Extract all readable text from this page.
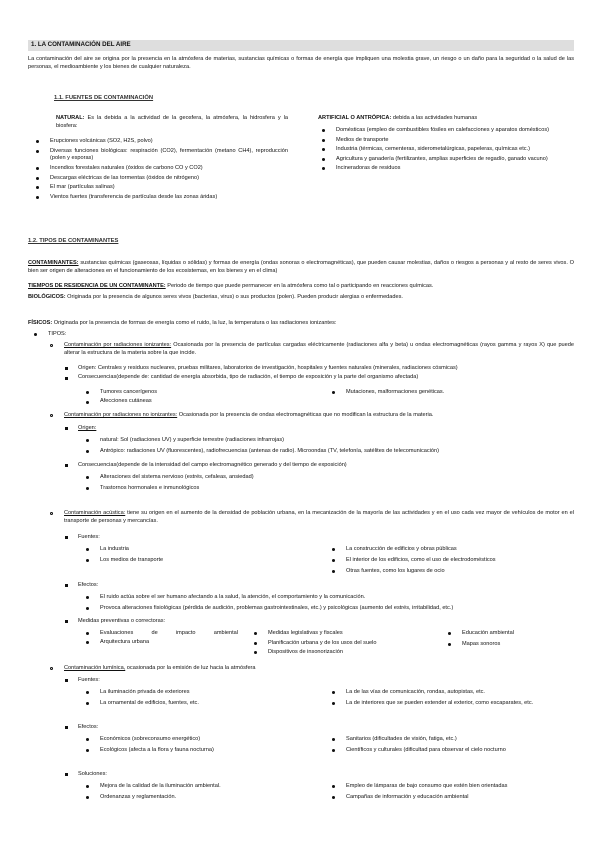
1. LA CONTAMINACIÓN DEL AIRE
La contaminación del aire se origina por la presencia en la atmósfera de materias, sustancias químicas o formas de energía que impliquen una molestia grave, un riesgo o un daño para la seguridad o la salud de las personas, el medioambiente y los bienes de cualquier naturaleza.
1.1. FUENTES DE CONTAMINACIÓN
NATURAL: Es la debida a la actividad de la geosfera, la atmósfera, la hidrosfera y la biosfera:
Erupciones volcánicas (SO2, H2S, polvo)
Diversas funciones biológicas: respiración (CO2), fermentación (metano CH4), reproducción (polen y esporas)
Incendios forestales naturales (óxidos de carbono CO y CO2)
Descargas eléctricas de las tormentas (óxidos de nitrógeno)
El mar (partículas salinas)
Vientos fuertes (transferencia de partículas desde las zonas áridas)
ARTIFICIAL O ANTRÓPICA: debida a las actividades humanas
Domésticas (empleo de combustibles fósiles en calefacciones y aparatos domésticos)
Medios de transporte
Industria (térmicas, cementeras, siderometalúrgicas, papeleras, químicas etc.)
Agricultura y ganadería (fertilizantes, amplias superficies de regadío, ganado vacuno)
Incineradoras de residuos
1.2. TIPOS DE CONTAMINANTES
CONTAMINANTES: sustancias químicas (gaseosas, líquidas o sólidas) y formas de energía (ondas sonoras o electromagnéticas), que pueden causar molestias, daños o riesgos a personas y al resto de seres vivos. O bien ser origen de alteraciones en el funcionamiento de los ecosistemas, en los bienes y en el clima)
TIEMPOS DE RESIDENCIA DE UN CONTAMINANTE: Periodo de tiempo que puede permanecer en la atmósfera como tal o participando en reacciones químicas.
BIOLÓGICOS: Originada por la presencia de algunos seres vivos (bacterias, virus) o sus productos (polen). Pueden producir alergias o enfermedades.
FÍSICOS: Originada por la presencia de formas de energía como el ruido, la luz, la temperatura o las radiaciones ionizantes:
TIPOS:
Contaminación por radiaciones ionizantes: Ocasionada por la presencia de partículas cargadas eléctricamente (radiaciones alfa y beta) u ondas electromagnéticas (rayos gamma y rayos X) que puede alterar la estructura de la materia sobre la que incide.
Origen: Centrales y residuos nucleares, pruebas militares, laboratorios de investigación, hospitales y fuentes naturales (minerales, radiaciones cósmicas)
Consecuencias(depende de: cantidad de energía absorbida, tipo de radiación, el tiempo de exposición y la parte del organismo afectada)
Tumores cancerígenos
Afecciones cutáneas
Mutaciones, malformaciones genéticas.
Contaminación por radiaciones no ionizantes: Ocasionada por la presencia de ondas electromagnéticas que no modifican la estructura de la materia.
Origen:
natural: Sol (radiaciones UV) y superficie terrestre (radiaciones infrarrojas)
Antrópico: radiaciones UV (fluorescentes), radiofrecuencias (antenas de radio). Microondas (TV, telefonía, satélites de telecomunicación)
Consecuencias(depende de la intensidad del campo electromagnético generado y del tiempo de exposición)
Alteraciones del sistema nervioso (estrés, cefaleas, ansiedad)
Trastornos hormonales e inmunológicos
Contaminación acústica: tiene su origen en el aumento de la densidad de población urbana, en la mecanización de la mayoría de las actividades y en el uso cada vez mayor de vehículos de motor en el transporte de personas y mercancías.
Fuentes:
La industria
Los medios de transporte
La construcción de edificios y obras públicas
El interior de los edificios, como el uso de electrodomésticos
Otras fuentes, como los lugares de ocio
Efectos:
El ruido actúa sobre el ser humano afectando a la salud, la atención, el comportamiento y la comunicación.
Provoca alteraciones fisiológicas (pérdida de audición, problemas gastrointestinales, etc.) y psicológicas (aumento del estrés, irritabilidad, etc.)
Medidas preventivas o correctoras:
Evaluaciones de impacto ambiental
Arquitectura urbana
Medidas legislativas y fiscales
Planificación urbana y de los usos del suelo
Dispositivos de insonorización
Educación ambiental
Mapas sonoros
Contaminación lumínica, ocasionada por la emisión de luz hacia la atmósfera
Fuentes:
La iluminación privada de exteriores
La ornamental de edificios, fuentes, etc.
La de las vías de comunicación, rondas, autopistas, etc.
La de interiores que se pueden extender al exterior, como escaparates, etc.
Efectos:
Económicos (sobreconsumo energético)
Ecológicos (afecta a la flora y fauna nocturna)
Sanitarios (dificultades de visión, fatiga, etc.)
Científicos y culturales (dificultad para observar el cielo nocturno
Soluciones:
Mejora de la calidad de la iluminación ambiental.
Ordenanzas y reglamentación.
Empleo de lámparas de bajo consumo que estén bien orientadas
Campañas de información y educación ambiental
